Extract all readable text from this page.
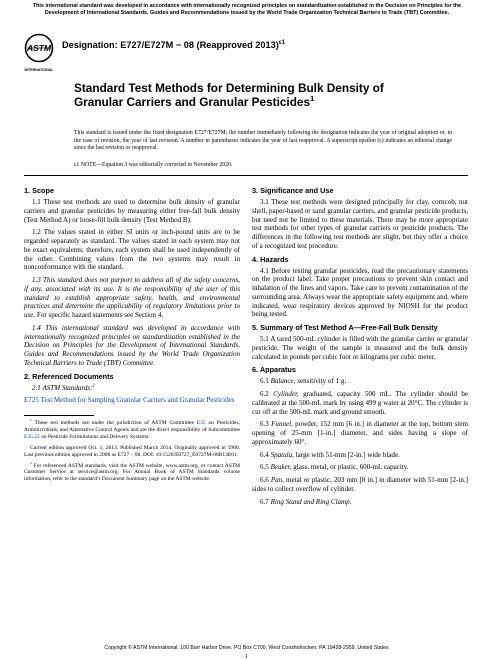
This international standard was developed in accordance with internationally recognized principles on standardization established in the Decision on Principles for the Development of International Standards, Guides and Recommendations issued by the World Trade Organization Technical Barriers to Trade (TBT) Committee.
ASTM
INTERNATIONAL
Designation: E727/E727M − 08 (Reapproved 2013)$^{\varepsilon 1}$
Standard Test Methods for Determining Bulk Density of Granular Carriers and Granular Pesticides$^1$
This standard is issued under the fixed designation E727/E727M; the number immediately following the designation indicates the year of original adoption or, in the case of revision, the year of last revision. A number in parentheses indicates the year of last reapproval. A superscript epsilon (ε) indicates an editorial change since the last revision or reapproval.
ε1 NOTE—Equation 3 was editorially corrected in November 2020.
1. Scope
1.1 These test methods are used to determine bulk density of granular carriers and granular pesticides by measuring either free-fall bulk density (Test Method A) or loose-fill bulk density (Test Method B).
1.2 The values stated in either SI units or inch-pound units are to be regarded separately as standard. The values stated in each system may not be exact equivalents; therefore, each system shall be used independently of the other. Combining values from the two systems may result in nonconformance with the standard.
1.3 This standard does not purport to address all of the safety concerns, if any, associated with its use. It is the responsibility of the user of this standard to establish appropriate safety, health, and environmental practices and determine the applicability of regulatory limitations prior to use. For specific hazard statements see Section 4.
1.4 This international standard was developed in accordance with internationally recognized principles on standardization established in the Decision on Principles for the Development of International Standards, Guides and Recommendations issued by the World Trade Organization Technical Barriers to Trade (TBT) Committee.
2. Referenced Documents
2.1 ASTM Standards:$^2$
E725 Test Method for Sampling Granular Carriers and Granular Pesticides
$^1$ These test methods are under the jurisdiction of ASTM Committee E35 on Pesticides, Antimicrobials, and Alternative Control Agents and are the direct responsibility of Subcommittee E35.22 on Pesticide Formulations and Delivery Systems.
Current edition approved Oct. 1, 2013. Published March 2014. Originally approved in 1980. Last previous edition approved in 2008 as E727 – 08. DOI: 10.1520/E0727_E0727M-08R13E01.
$^2$ For referenced ASTM standards, visit the ASTM website, www.astm.org, or contact ASTM Customer Service at service@astm.org. For Annual Book of ASTM Standards volume information, refer to the standard’s Document Summary page on the ASTM website.
3. Significance and Use
3.1 These test methods were designed principally for clay, corncob, nut shell, paper-based or sand granular carriers, and granular pesticide products, but need not be limited to these materials. There may be more appropriate test methods for other types of granular carriers or pesticide products. The differences in the following test methods are slight, but they offer a choice of a recognized test procedure.
4. Hazards
4.1 Before testing granular pesticides, read the precautionary statements on the product label. Take proper precautions to prevent skin contact and inhalation of the fines and vapors. Take care to prevent contamination of the surrounding area. Always wear the appropriate safety equipment and, where indicated, wear respiratory devices approved by NIOSH for the product being tested.
5. Summary of Test Method A—Free-Fall Bulk Density
5.1 A tared 500-mL cylinder is filled with the granular carrier or granular pesticide. The weight of the sample is measured and the bulk density calculated in pounds per cubic foot or kilograms per cubic meter.
6. Apparatus
6.1 Balance, sensitivity of 1 g.
6.2 Cylinder, graduated, capacity 500 mL. The cylinder should be calibrated at the 500-mL mark by using 499 g water at 20°C. The cylinder is cut off at the 500-mL mark and ground smooth.
6.3 Funnel, powder, 152 mm [6 in.] in diameter at the top, bottom stem opening of 25-mm [1-in.] diameter, and sides having a slope of approximately 60°.
6.4 Spatula, large with 51-mm [2-in.] wide blade.
6.5 Beaker, glass, metal, or plastic, 600-mL capacity.
6.6 Pan, metal or plastic, 203 mm [8 in.] in diameter with 51-mm [2-in.] sides to collect overflow of cylinder.
6.7 Ring Stand and Ring Clamp.
Copyright © ASTM International, 100 Barr Harbor Drive, PO Box C700, West Conshohocken, PA 19428-2959. United States
1
